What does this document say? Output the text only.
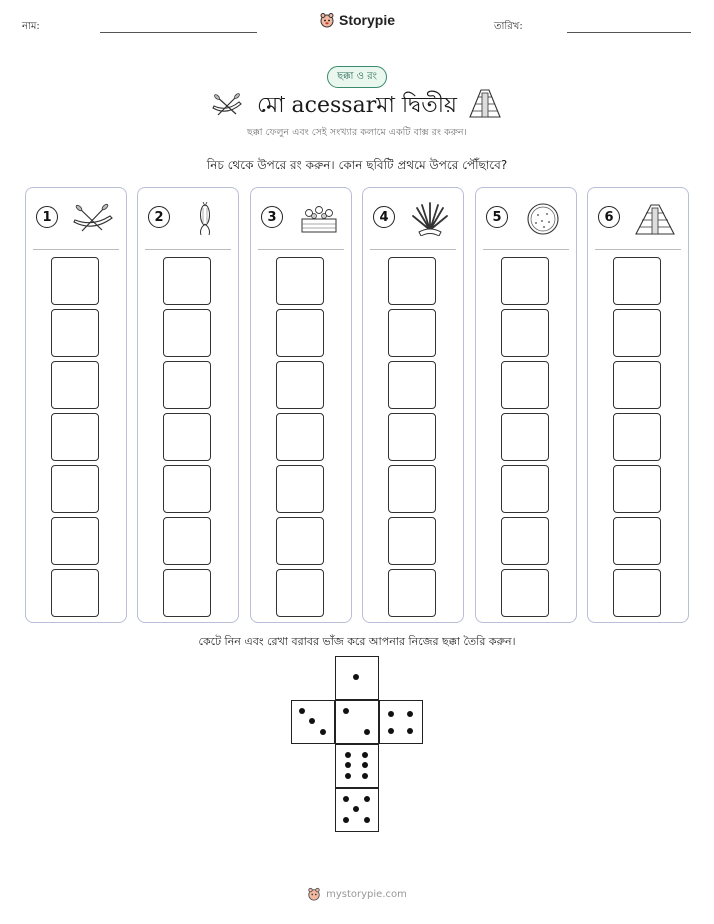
নাম:	Storypie	তারিখ:
ছক্কা ও রং
মো acessarমা দ্বিতীয়
ছক্কা ফেলুন এবং সেই সংখ্যার কলামে একটি বাক্স রং করুন।
নিচ থেকে উপরে রং করুন। কোন ছবিটি প্রথমে উপরে পৌঁছাবে?
1	2	3	4	5	6
কেটে নিন এবং রেখা বরাবর ভাঁজ করে আপনার নিজের ছক্কা তৈরি করুন।
mystorypie.com
